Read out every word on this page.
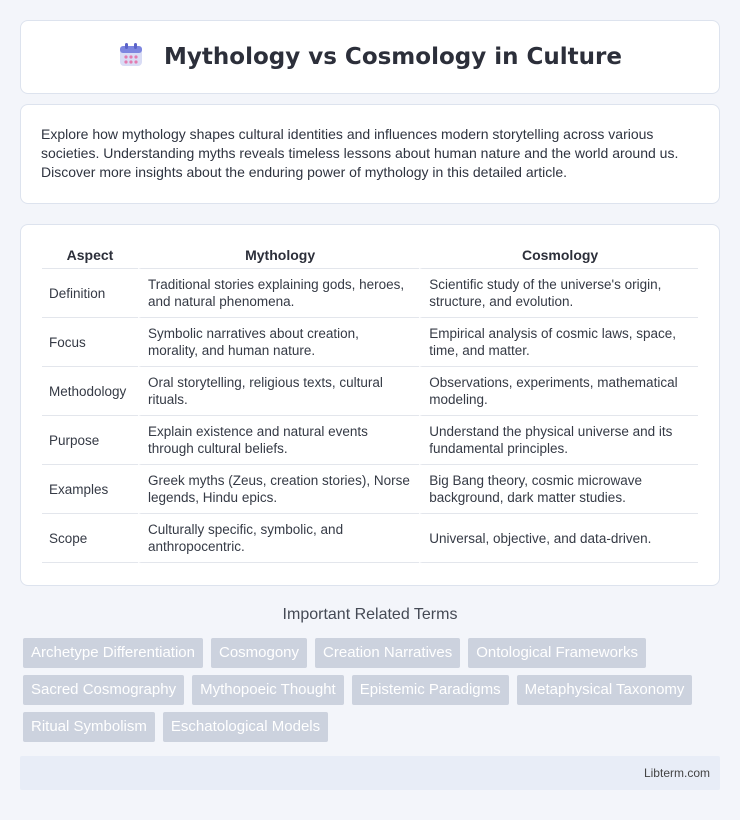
Mythology vs Cosmology in Culture

Explore how mythology shapes cultural identities and influences modern storytelling across various societies. Understanding myths reveals timeless lessons about human nature and the world around us. Discover more insights about the enduring power of mythology in this detailed article.

Aspect	Mythology	Cosmology
Definition	Traditional stories explaining gods, heroes, and natural phenomena.	Scientific study of the universe's origin, structure, and evolution.
Focus	Symbolic narratives about creation, morality, and human nature.	Empirical analysis of cosmic laws, space, time, and matter.
Methodology	Oral storytelling, religious texts, cultural rituals.	Observations, experiments, mathematical modeling.
Purpose	Explain existence and natural events through cultural beliefs.	Understand the physical universe and its fundamental principles.
Examples	Greek myths (Zeus, creation stories), Norse legends, Hindu epics.	Big Bang theory, cosmic microwave background, dark matter studies.
Scope	Culturally specific, symbolic, and anthropocentric.	Universal, objective, and data-driven.
Important Related Terms
Archetype Differentiation	Cosmogony	Creation Narratives	Ontological Frameworks
Sacred Cosmography	Mythopoeic Thought	Epistemic Paradigms	Metaphysical Taxonomy
Ritual Symbolism	Eschatological Models
Libterm.com
